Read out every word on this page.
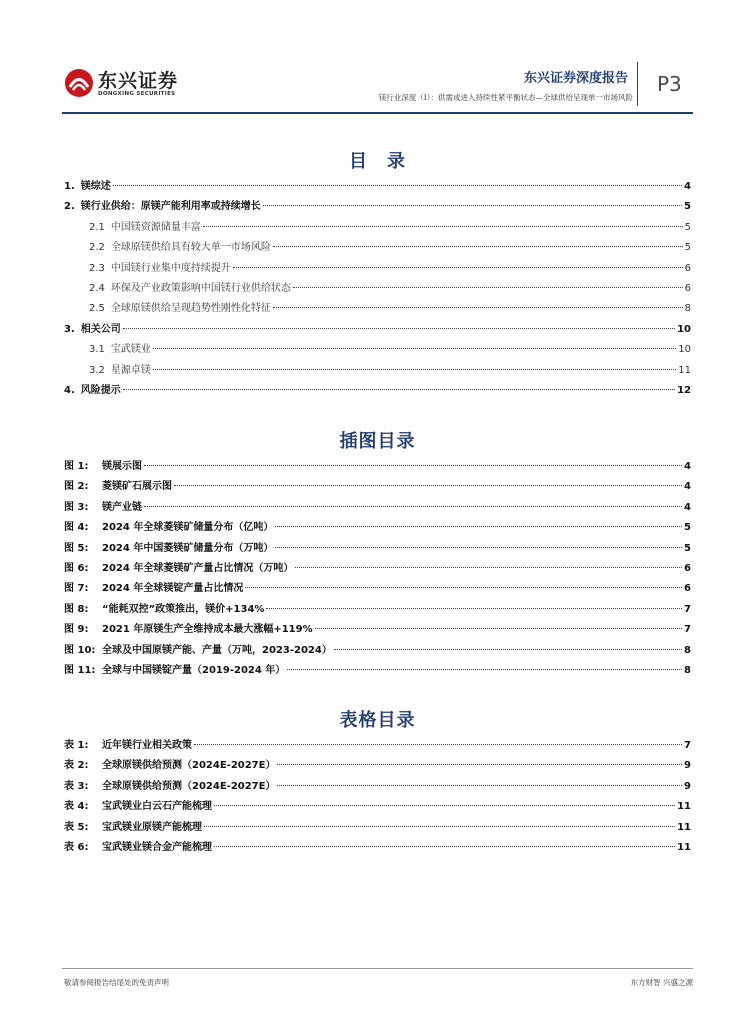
东兴证券
DONGXING SECURITIES
东兴证券深度报告
镁行业深度（Ⅰ）：供需或进入持续性紧平衡状态—全球供给呈现单一市场风险
P3
目　录
1. 镁综述	4
2. 镁行业供给：原镁产能利用率或持续增长	5
2.1 中国镁资源储量丰富	5
2.2 全球原镁供给具有较大单一市场风险	5
2.3 中国镁行业集中度持续提升	6
2.4 环保及产业政策影响中国镁行业供给状态	6
2.5 全球原镁供给呈现趋势性刚性化特征	8
3. 相关公司	10
3.1 宝武镁业	10
3.2 星源卓镁	11
4. 风险提示	12
插图目录
图 1:	镁展示图	4
图 2:	菱镁矿石展示图	4
图 3:	镁产业链	4
图 4:	2024 年全球菱镁矿储量分布（亿吨）	5
图 5:	2024 年中国菱镁矿储量分布（万吨）	5
图 6:	2024 年全球菱镁矿产量占比情况（万吨）	6
图 7:	2024 年全球镁锭产量占比情况	6
图 8:	“能耗双控”政策推出，镁价+134%	7
图 9:	2021 年原镁生产全维持成本最大涨幅+119%	7
图 10: 全球及中国原镁产能、产量（万吨，2023-2024）	8
图 11: 全球与中国镁锭产量（2019-2024 年）	8
表格目录
表 1:	近年镁行业相关政策	7
表 2:	全球原镁供给预测（2024E-2027E）	9
表 3:	全球原镁供给预测（2024E-2027E）	9
表 4:	宝武镁业白云石产能梳理	11
表 5:	宝武镁业原镁产能梳理	11
表 6:	宝武镁业镁合金产能梳理	11
敬请参阅报告结尾处的免责声明	东方财智 兴盛之源
